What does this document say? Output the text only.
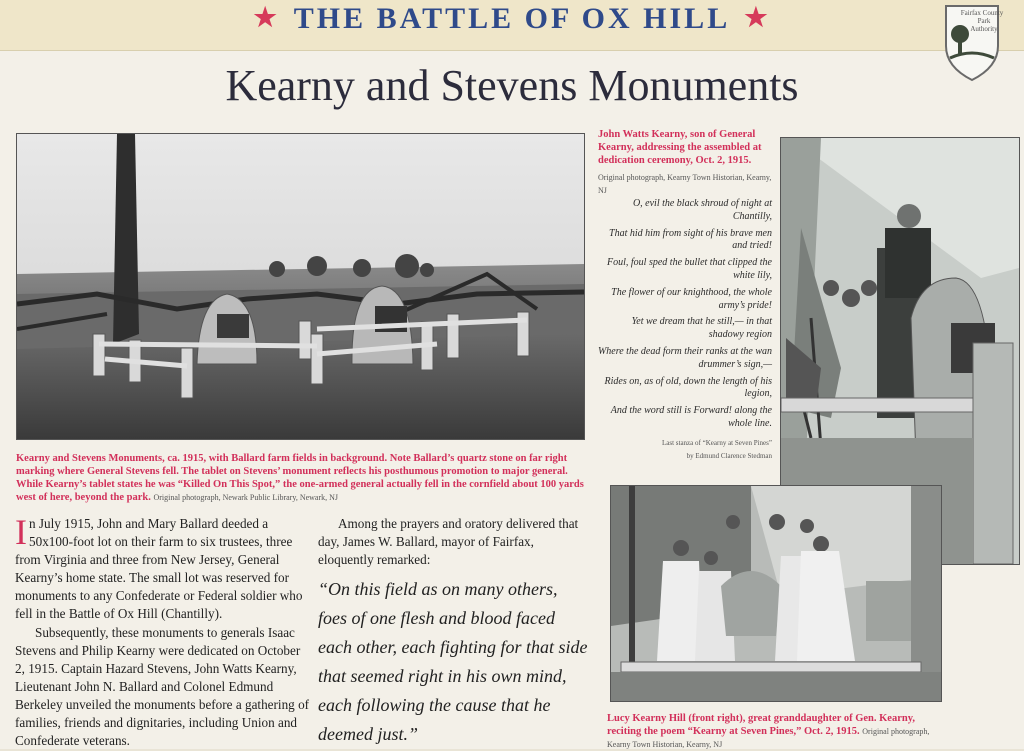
★ THE BATTLE OF OX HILL ★	Fairfax County
Park
Authority
Kearny and Stevens Monuments
Kearny and Stevens Monuments, ca. 1915, with Ballard farm fields in background. Note Ballard’s quartz stone on far right marking where General Stevens fell. The tablet on Stevens’ monument reflects his posthumous promotion to major general. While Kearny’s tablet states he was “Killed On This Spot,” the one-armed general actually fell in the cornfield about 100 yards west of here, beyond the park. Original photograph, Newark Public Library, Newark, NJ
John Watts Kearny, son of General Kearny, addressing the assembled at dedication ceremony, Oct. 2, 1915.
Original photograph, Kearny Town Historian, Kearny, NJ
O, evil the black shroud of night at Chantilly,
That hid him from sight of his brave men and tried!
Foul, foul sped the bullet that clipped the white lily,
The flower of our knighthood, the whole army’s pride!
Yet we dream that he still,— in that shadowy region
Where the dead form their ranks at the wan drummer’s sign,—
Rides on, as of old, down the length of his legion,
And the word still is Forward! along the whole line.
Last stanza of “Kearny at Seven Pines”
by Edmund Clarence Stedman
Lucy Kearny Hill (front right), great granddaughter of Gen. Kearny, reciting the poem “Kearny at Seven Pines,” Oct. 2, 1915. Original photograph, Kearny Town Historian, Kearny, NJ

In July 1915, John and Mary Ballard deeded a 50x100-foot lot on their farm to six trustees, three from Virginia and three from New Jersey, General Kearny’s home state. The small lot was reserved for monuments to any Confederate or Federal soldier who fell in the Battle of Ox Hill (Chantilly).

Subsequently, these monuments to generals Isaac Stevens and Philip Kearny were dedicated on October 2, 1915. Captain Hazard Stevens, John Watts Kearny, Lieutenant John N. Ballard and Colonel Edmund Berkeley unveiled the monuments before a gathering of families, friends and dignitaries, including Union and Confederate veterans.

Among the prayers and oratory delivered that day, James W. Ballard, mayor of Fairfax, eloquently remarked:

“On this field as on many others, foes of one flesh and blood faced each other, each fighting for that side that seemed right in his own mind, each following the cause that he deemed just.”
